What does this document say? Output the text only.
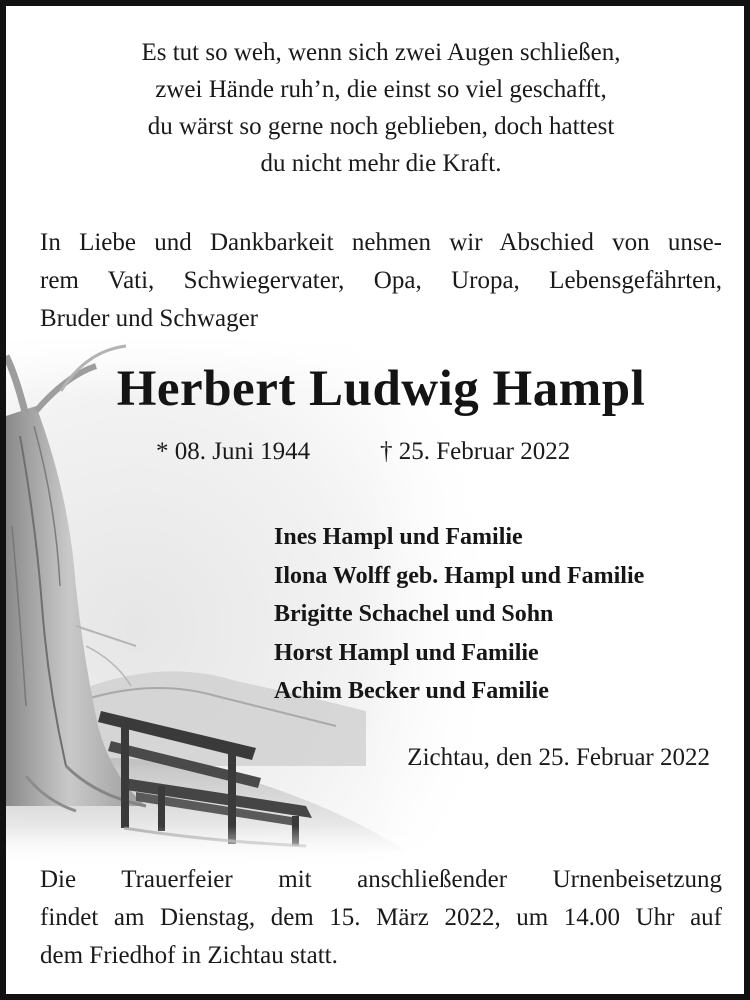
Es tut so weh, wenn sich zwei Augen schließen,
zwei Hände ruh’n, die einst so viel geschafft,
du wärst so gerne noch geblieben, doch hattest
du nicht mehr die Kraft.
In Liebe und Dankbarkeit nehmen wir Abschied von unse-
rem Vati, Schwiegervater, Opa, Uropa, Lebensgefährten,
Bruder und Schwager
Herbert Ludwig Hampl
* 08. Juni 1944	† 25. Februar 2022
Ines Hampl und Familie
Ilona Wolff geb. Hampl und Familie
Brigitte Schachel und Sohn
Horst Hampl und Familie
Achim Becker und Familie
Zichtau, den 25. Februar 2022
Die Trauerfeier mit anschließender Urnenbeisetzung
findet am Dienstag, dem 15. März 2022, um 14.00 Uhr auf
dem Friedhof in Zichtau statt.
